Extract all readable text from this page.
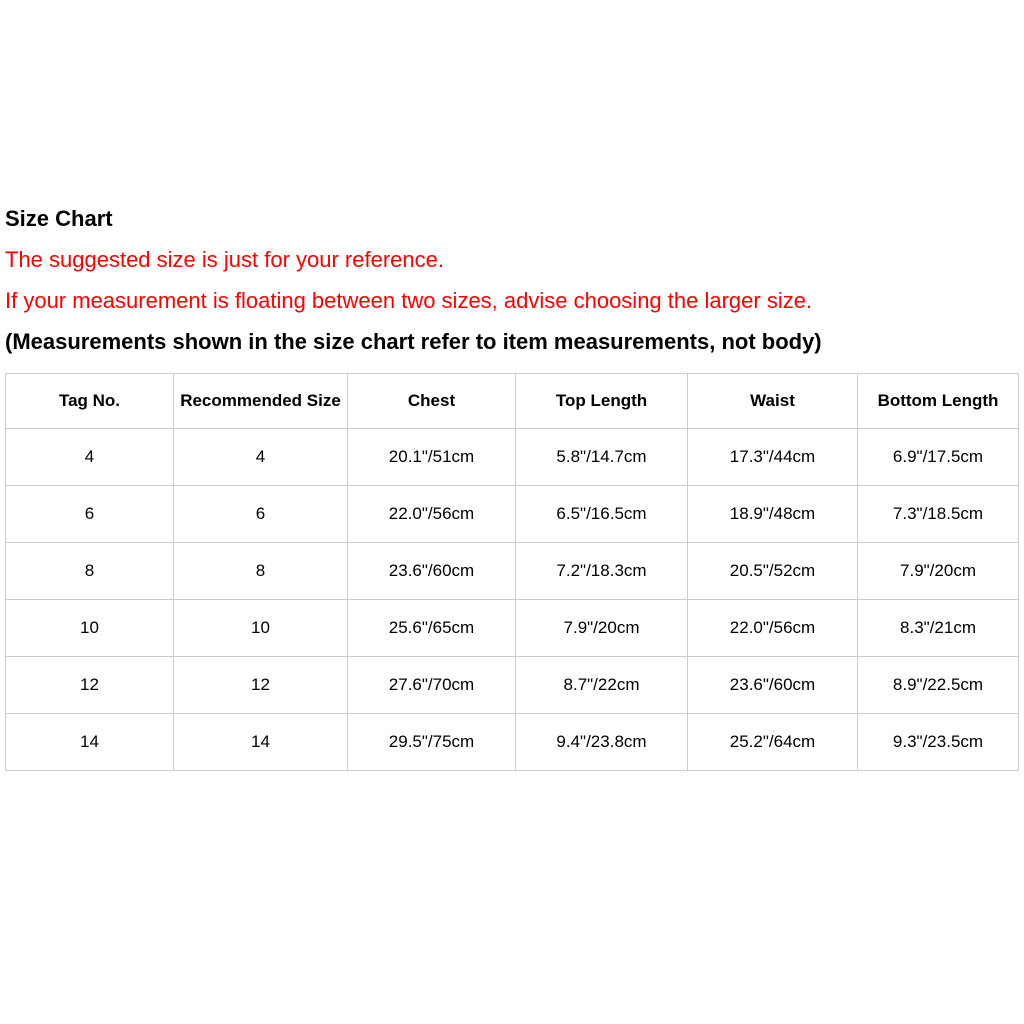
Size Chart
The suggested size is just for your reference.
If your measurement is floating between two sizes, advise choosing the larger size.
(Measurements shown in the size chart refer to item measurements, not body)
Tag No.	Recommended Size	Chest	Top Length	Waist	Bottom Length
4	4	20.1"/51cm	5.8"/14.7cm	17.3"/44cm	6.9"/17.5cm
6	6	22.0"/56cm	6.5"/16.5cm	18.9"/48cm	7.3"/18.5cm
8	8	23.6"/60cm	7.2"/18.3cm	20.5"/52cm	7.9"/20cm
10	10	25.6"/65cm	7.9"/20cm	22.0"/56cm	8.3"/21cm
12	12	27.6"/70cm	8.7"/22cm	23.6"/60cm	8.9"/22.5cm
14	14	29.5"/75cm	9.4"/23.8cm	25.2"/64cm	9.3"/23.5cm
